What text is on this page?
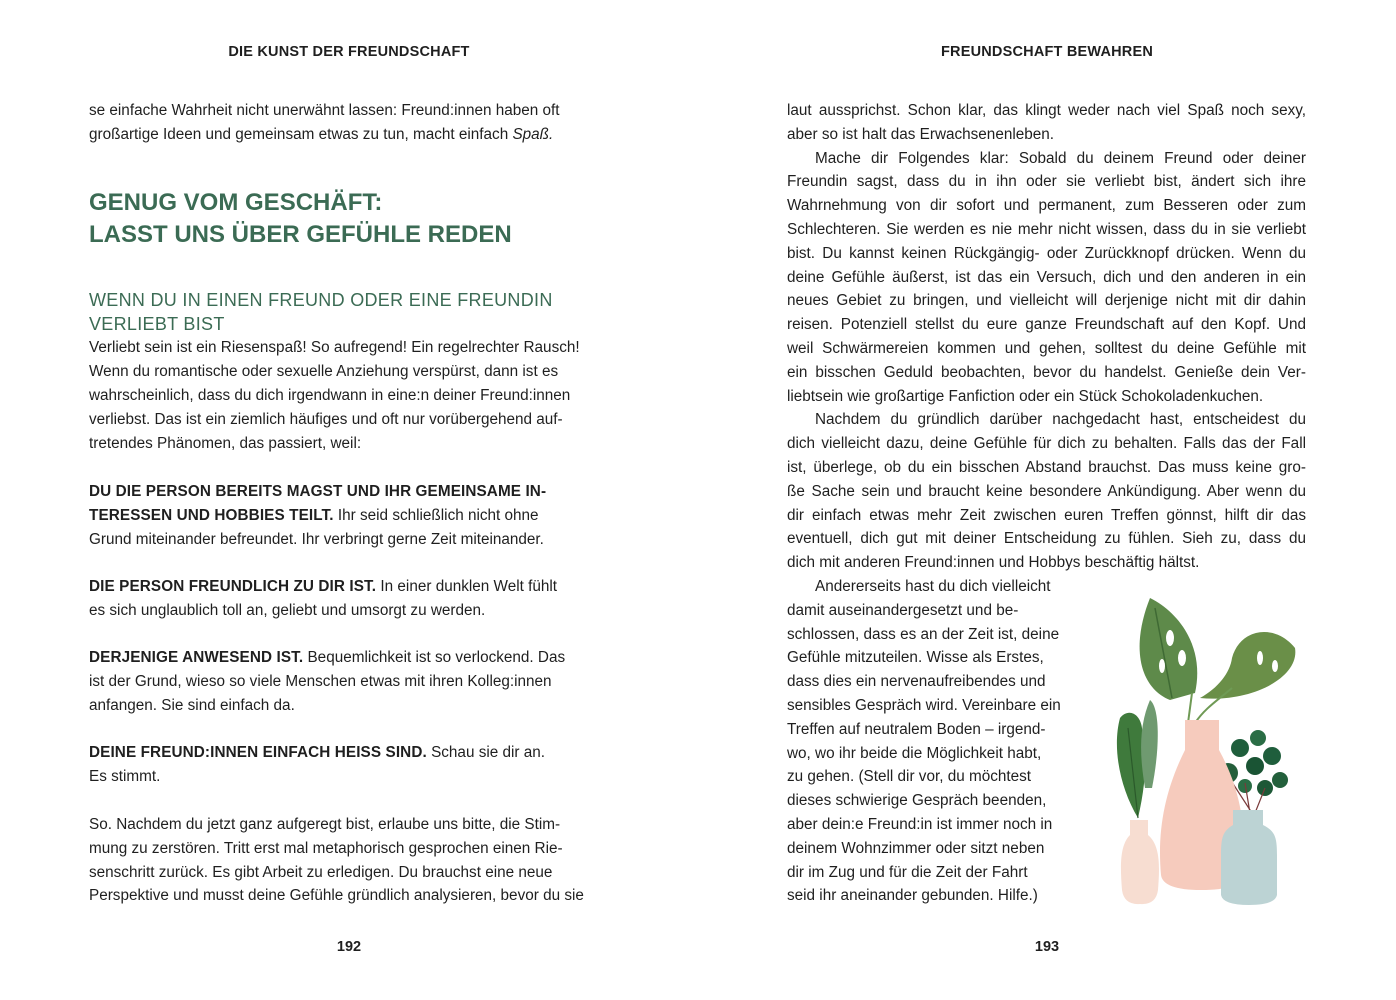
DIE KUNST DER FREUNDSCHAFT
GENUG VOM GESCHÄFT:
LASST UNS ÜBER GEFÜHLE REDEN
WENN DU IN EINEN FREUND ODER EINE FREUNDIN
VERLIEBT BIST
192
se einfache Wahrheit nicht unerwähnt lassen: Freund:innen haben oft
großartige Ideen und gemeinsam etwas zu tun, macht einfach Spaß.
Verliebt sein ist ein Riesenspaß! So aufregend! Ein regelrechter Rausch!
Wenn du romantische oder sexuelle Anziehung verspürst, dann ist es
wahrscheinlich, dass du dich irgendwann in eine:n deiner Freund:innen
verliebst. Das ist ein ziemlich häufiges und oft nur vorübergehend auf-
tretendes Phänomen, das passiert, weil:
DU DIE PERSON BEREITS MAGST UND IHR GEMEINSAME IN-
TERESSEN UND HOBBIES TEILT. Ihr seid schließlich nicht ohne
Grund miteinander befreundet. Ihr verbringt gerne Zeit miteinander.
DIE PERSON FREUNDLICH ZU DIR IST. In einer dunklen Welt fühlt
es sich unglaublich toll an, geliebt und umsorgt zu werden.
DERJENIGE ANWESEND IST. Bequemlichkeit ist so verlockend. Das
ist der Grund, wieso so viele Menschen etwas mit ihren Kolleg:innen
anfangen. Sie sind einfach da.
DEINE FREUND:INNEN EINFACH HEISS SIND. Schau sie dir an.
Es stimmt.
So. Nachdem du jetzt ganz aufgeregt bist, erlaube uns bitte, die Stim-
mung zu zerstören. Tritt erst mal metaphorisch gesprochen einen Rie-
senschritt zurück. Es gibt Arbeit zu erledigen. Du brauchst eine neue
Perspektive und musst deine Gefühle gründlich analysieren, bevor du sie
FREUNDSCHAFT BEWAHREN
193
laut aussprichst. Schon klar, das klingt weder nach viel Spaß noch sexy,
aber so ist halt das Erwachsenenleben.
Mache dir Folgendes klar: Sobald du deinem Freund oder deiner
Freundin sagst, dass du in ihn oder sie verliebt bist, ändert sich ihre
Wahrnehmung von dir sofort und permanent, zum Besseren oder zum
Schlechteren. Sie werden es nie mehr nicht wissen, dass du in sie verliebt
bist. Du kannst keinen Rückgängig- oder Zurückknopf drücken. Wenn du
deine Gefühle äußerst, ist das ein Versuch, dich und den anderen in ein
neues Gebiet zu bringen, und vielleicht will derjenige nicht mit dir dahin
reisen. Potenziell stellst du eure ganze Freundschaft auf den Kopf. Und
weil Schwärmereien kommen und gehen, solltest du deine Gefühle mit
ein bisschen Geduld beobachten, bevor du handelst. Genieße dein Ver-
liebtsein wie großartige Fanfiction oder ein Stück Schokoladenkuchen.
Nachdem du gründlich darüber nachgedacht hast, entscheidest du
dich vielleicht dazu, deine Gefühle für dich zu behalten. Falls das der Fall
ist, überlege, ob du ein bisschen Abstand brauchst. Das muss keine gro-
ße Sache sein und braucht keine besondere Ankündigung. Aber wenn du
dir einfach etwas mehr Zeit zwischen euren Treffen gönnst, hilft dir das
eventuell, dich gut mit deiner Entscheidung zu fühlen. Sieh zu, dass du
dich mit anderen Freund:innen und Hobbys beschäftig hältst.
Andererseits hast du dich vielleicht
damit auseinandergesetzt und be-
schlossen, dass es an der Zeit ist, deine
Gefühle mitzuteilen. Wisse als Erstes,
dass dies ein nervenaufreibendes und
sensibles Gespräch wird. Vereinbare ein
Treffen auf neutralem Boden – irgend-
wo, wo ihr beide die Möglichkeit habt,
zu gehen. (Stell dir vor, du möchtest
dieses schwierige Gespräch beenden,
aber dein:e Freund:in ist immer noch in
deinem Wohnzimmer oder sitzt neben
dir im Zug und für die Zeit der Fahrt
seid ihr aneinander gebunden. Hilfe.)
